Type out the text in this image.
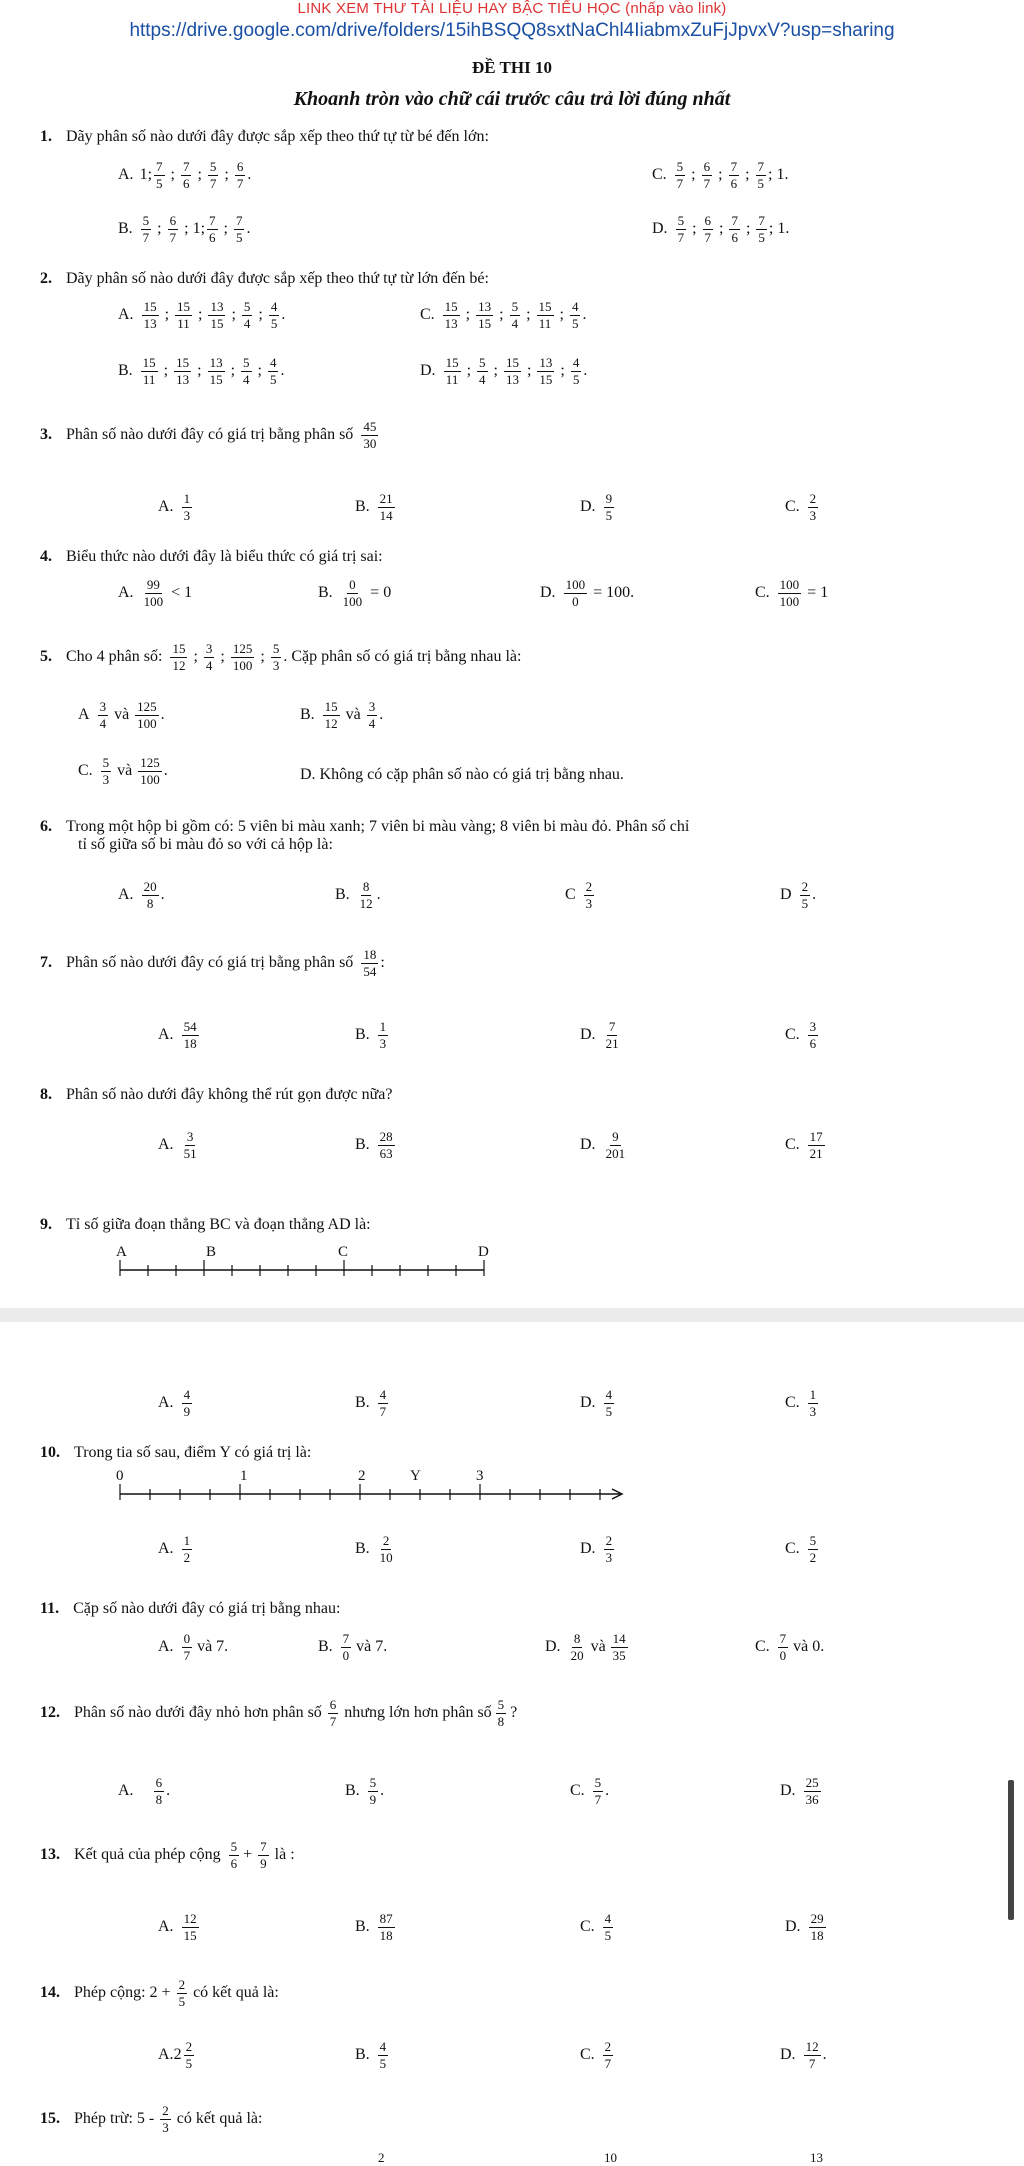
LINK XEM THƯ TÀI LIỆU HAY BẬC TIỂU HỌC (nhấp vào link)
https://drive.google.com/drive/folders/15ihBSQQ8sxtNaChl4IiabmxZuFjJpvxV?usp=sharing
ĐỀ THI 10
Khoanh tròn vào chữ cái trước câu trả lời đúng nhất
1. Dãy phân số nào dưới đây được sắp xếp theo thứ tự từ bé đến lớn:
A. 1; $\frac{7}{5}$ ; $\frac{7}{6}$ ; $\frac{5}{7}$ ; $\frac{6}{7}$ .	C. $\frac{5}{7}$ ; $\frac{6}{7}$ ; $\frac{7}{6}$ ; $\frac{7}{5}$ ; 1.
B. $\frac{5}{7}$ ; $\frac{6}{7}$ ; 1; $\frac{7}{6}$ ; $\frac{7}{5}$ .	D. $\frac{5}{7}$ ; $\frac{6}{7}$ ; $\frac{7}{6}$ ; $\frac{7}{5}$ ; 1.
2. Dãy phân số nào dưới đây được sắp xếp theo thứ tự từ lớn đến bé:
A. $\frac{15}{13}$ ; $\frac{15}{11}$ ; $\frac{13}{15}$ ; $\frac{5}{4}$ ; $\frac{4}{5}$ .	C. $\frac{15}{13}$ ; $\frac{13}{15}$ ; $\frac{5}{4}$ ; $\frac{15}{11}$ ; $\frac{4}{5}$ .
B. $\frac{15}{11}$ ; $\frac{15}{13}$ ; $\frac{13}{15}$ ; $\frac{5}{4}$ ; $\frac{4}{5}$ .	D. $\frac{15}{11}$ ; $\frac{5}{4}$ ; $\frac{15}{13}$ ; $\frac{13}{15}$ ; $\frac{4}{5}$ .
3. Phân số nào dưới đây có giá trị bằng phân số $\frac{45}{30}$
A. $\frac{1}{3}$	B. $\frac{21}{14}$	D. $\frac{9}{5}$	C. $\frac{2}{3}$
4. Biểu thức nào dưới đây là biểu thức có giá trị sai:
A. $\frac{99}{100} < 1$	B. $\frac{0}{100} = 0$	D. $\frac{100}{0} = 100$.	C. $\frac{100}{100} = 1$
5. Cho 4 phân số: $\frac{15}{12}$ ; $\frac{3}{4}$ ; $\frac{125}{100}$ ; $\frac{5}{3}$ . Cặp phân số có giá trị bằng nhau là:
A $\frac{3}{4}$ và $\frac{125}{100}$ .	B. $\frac{15}{12}$ và $\frac{3}{4}$ .
C. $\frac{5}{3}$ và $\frac{125}{100}$ .	D. Không có cặp phân số nào có giá trị bằng nhau.
6. Trong một hộp bi gồm có: 5 viên bi màu xanh; 7 viên bi màu vàng; 8 viên bi màu đỏ. Phân số chỉ
tỉ số giữa số bi màu đỏ so với cả hộp là:
A. $\frac{20}{8}$ .	B. $\frac{8}{12}$ .	C $\frac{2}{3}$	D $\frac{2}{5}$ .
7. Phân số nào dưới đây có giá trị bằng phân số $\frac{18}{54}$ :
A. $\frac{54}{18}$	B. $\frac{1}{3}$	D. $\frac{7}{21}$	C. $\frac{3}{6}$
8. Phân số nào dưới đây không thể rút gọn được nữa?
A. $\frac{3}{51}$	B. $\frac{28}{63}$	D. $\frac{9}{201}$	C. $\frac{17}{21}$
9. Tỉ số giữa đoạn thẳng BC và đoạn thẳng AD là:
A	B	C	D
A. $\frac{4}{9}$	B. $\frac{4}{7}$	D. $\frac{4}{5}$	C. $\frac{1}{3}$
10. Trong tia số sau, điểm Y có giá trị là:
0	1	2	Y	3
A. $\frac{1}{2}$	B. $\frac{2}{10}$	D. $\frac{2}{3}$	C. $\frac{5}{2}$
11. Cặp số nào dưới đây có giá trị bằng nhau:
A. $\frac{0}{7}$ và 7.	B. $\frac{7}{0}$ và 7.	D. $\frac{8}{20}$ và $\frac{14}{35}$	C. $\frac{7}{0}$ và 0.
12. Phân số nào dưới đây nhỏ hơn phân số $\frac{6}{7}$ nhưng lớn hơn phân số $\frac{5}{8}$ ?
A. $\frac{6}{8}$ .	B. $\frac{5}{9}$ .	C. $\frac{5}{7}$ .	D. $\frac{25}{36}$
13. Kết quả của phép cộng $\frac{5}{6} + \frac{7}{9}$ là :
A. $\frac{12}{15}$	B. $\frac{87}{18}$	C. $\frac{4}{5}$	D. $\frac{29}{18}$
14. Phép cộng: $2 + \frac{2}{5}$ có kết quả là:
A. $2 \frac{2}{5}$	B. $\frac{4}{5}$	C. $\frac{2}{7}$	D. $\frac{12}{7}$ .
15. Phép trừ: $5 - \frac{2}{3}$ có kết quả là:
2	10	13
